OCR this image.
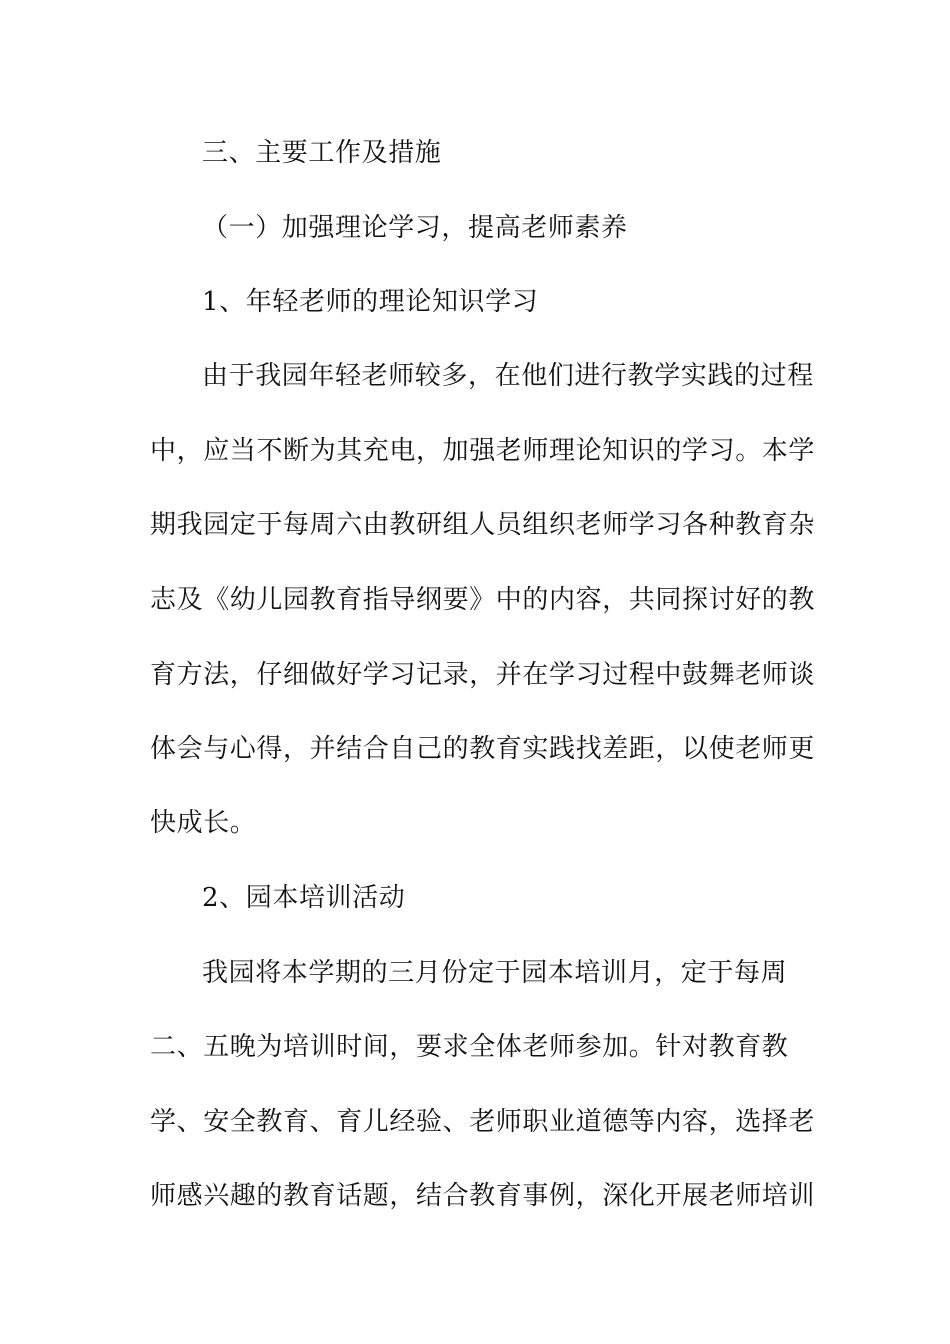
三、主要工作及措施
（一）加强理论学习，提高老师素养
1、年轻老师的理论知识学习
由于我园年轻老师较多，在他们进行教学实践的过程
中，应当不断为其充电，加强老师理论知识的学习。本学
期我园定于每周六由教研组人员组织老师学习各种教育杂
志及《幼儿园教育指导纲要》中的内容，共同探讨好的教
育方法，仔细做好学习记录，并在学习过程中鼓舞老师谈
体会与心得，并结合自己的教育实践找差距，以使老师更
快成长。
2、园本培训活动
我园将本学期的三月份定于园本培训月，定于每周
二、五晚为培训时间，要求全体老师参加。针对教育教
学、安全教育、育儿经验、老师职业道德等内容，选择老
师感兴趣的教育话题，结合教育事例，深化开展老师培训
